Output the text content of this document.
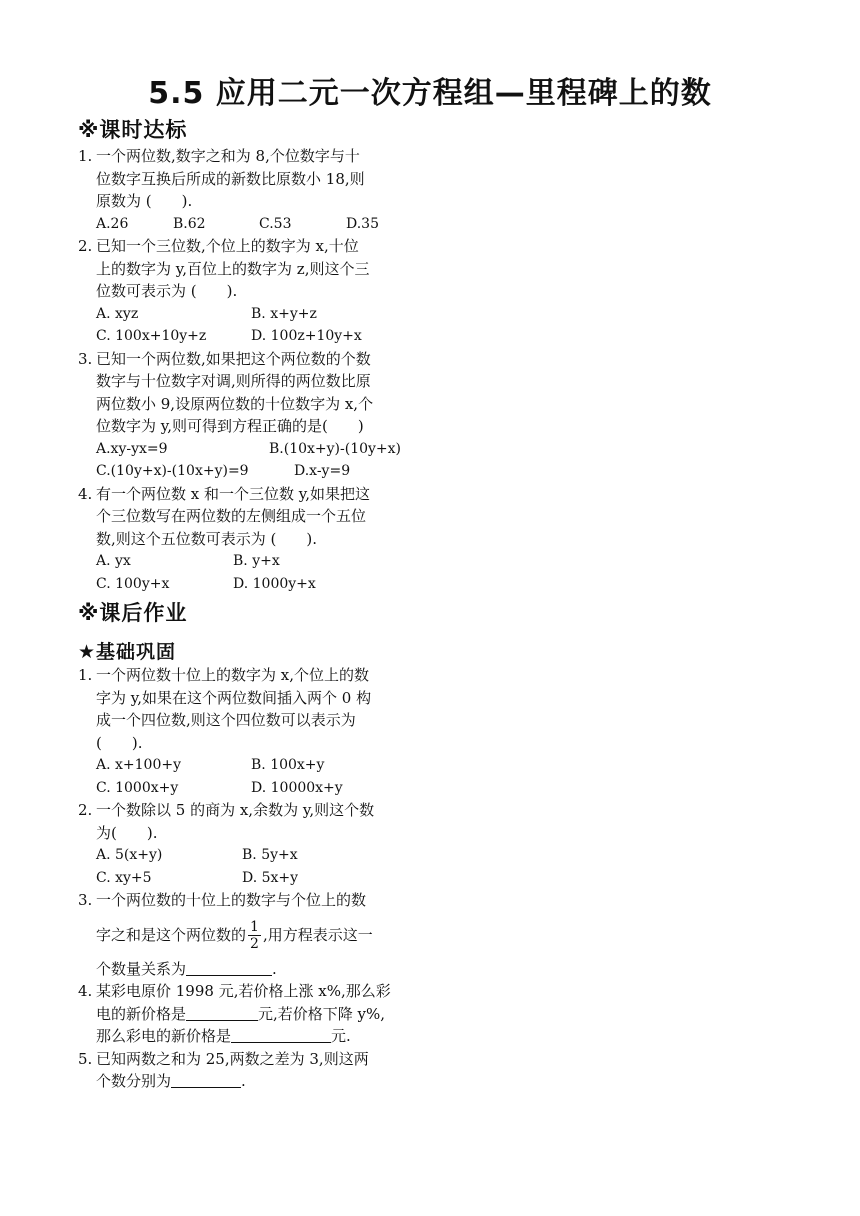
5.5 应用二元一次方程组—里程碑上的数
※课时达标
1. 一个两位数,数字之和为 8,个位数字与十
位数字互换后所成的新数比原数小 18,则
原数为 (　　).
A.26	B.62	C.53	D.35
2. 已知一个三位数,个位上的数字为 x,十位
上的数字为 y,百位上的数字为 z,则这个三
位数可表示为 (　　).
A. xyz	B. x+y+z
C. 100x+10y+z	D. 100z+10y+x
3. 已知一个两位数,如果把这个两位数的个数
数字与十位数字对调,则所得的两位数比原
两位数小 9,设原两位数的十位数字为 x,个
位数字为 y,则可得到方程正确的是(　　)
A.xy-yx=9	B.(10x+y)-(10y+x)
C.(10y+x)-(10x+y)=9	D.x-y=9
4. 有一个两位数 x 和一个三位数 y,如果把这
个三位数写在两位数的左侧组成一个五位
数,则这个五位数可表示为 (　　).
A. yx	B. y+x
C. 100y+x	D. 1000y+x
※课后作业
★基础巩固
1. 一个两位数十位上的数字为 x,个位上的数
字为 y,如果在这个两位数间插入两个 0 构
成一个四位数,则这个四位数可以表示为
(　　).
A. x+100+y	B. 100x+y
C. 1000x+y	D. 10000x+y
2. 一个数除以 5 的商为 x,余数为 y,则这个数
为(　　).
A. 5(x+y)	B. 5y+x
C. xy+5	D. 5x+y
3. 一个两位数的十位上的数字与个位上的数
字之和是这个两位数的 $\frac{1}{2}$ ,用方程表示这一
个数量关系为	.
4. 某彩电原价 1998 元,若价格上涨 x%,那么彩
电的新价格是	元,若价格下降 y%,
那么彩电的新价格是	元.
5. 已知两数之和为 25,两数之差为 3,则这两
个数分别为	.
